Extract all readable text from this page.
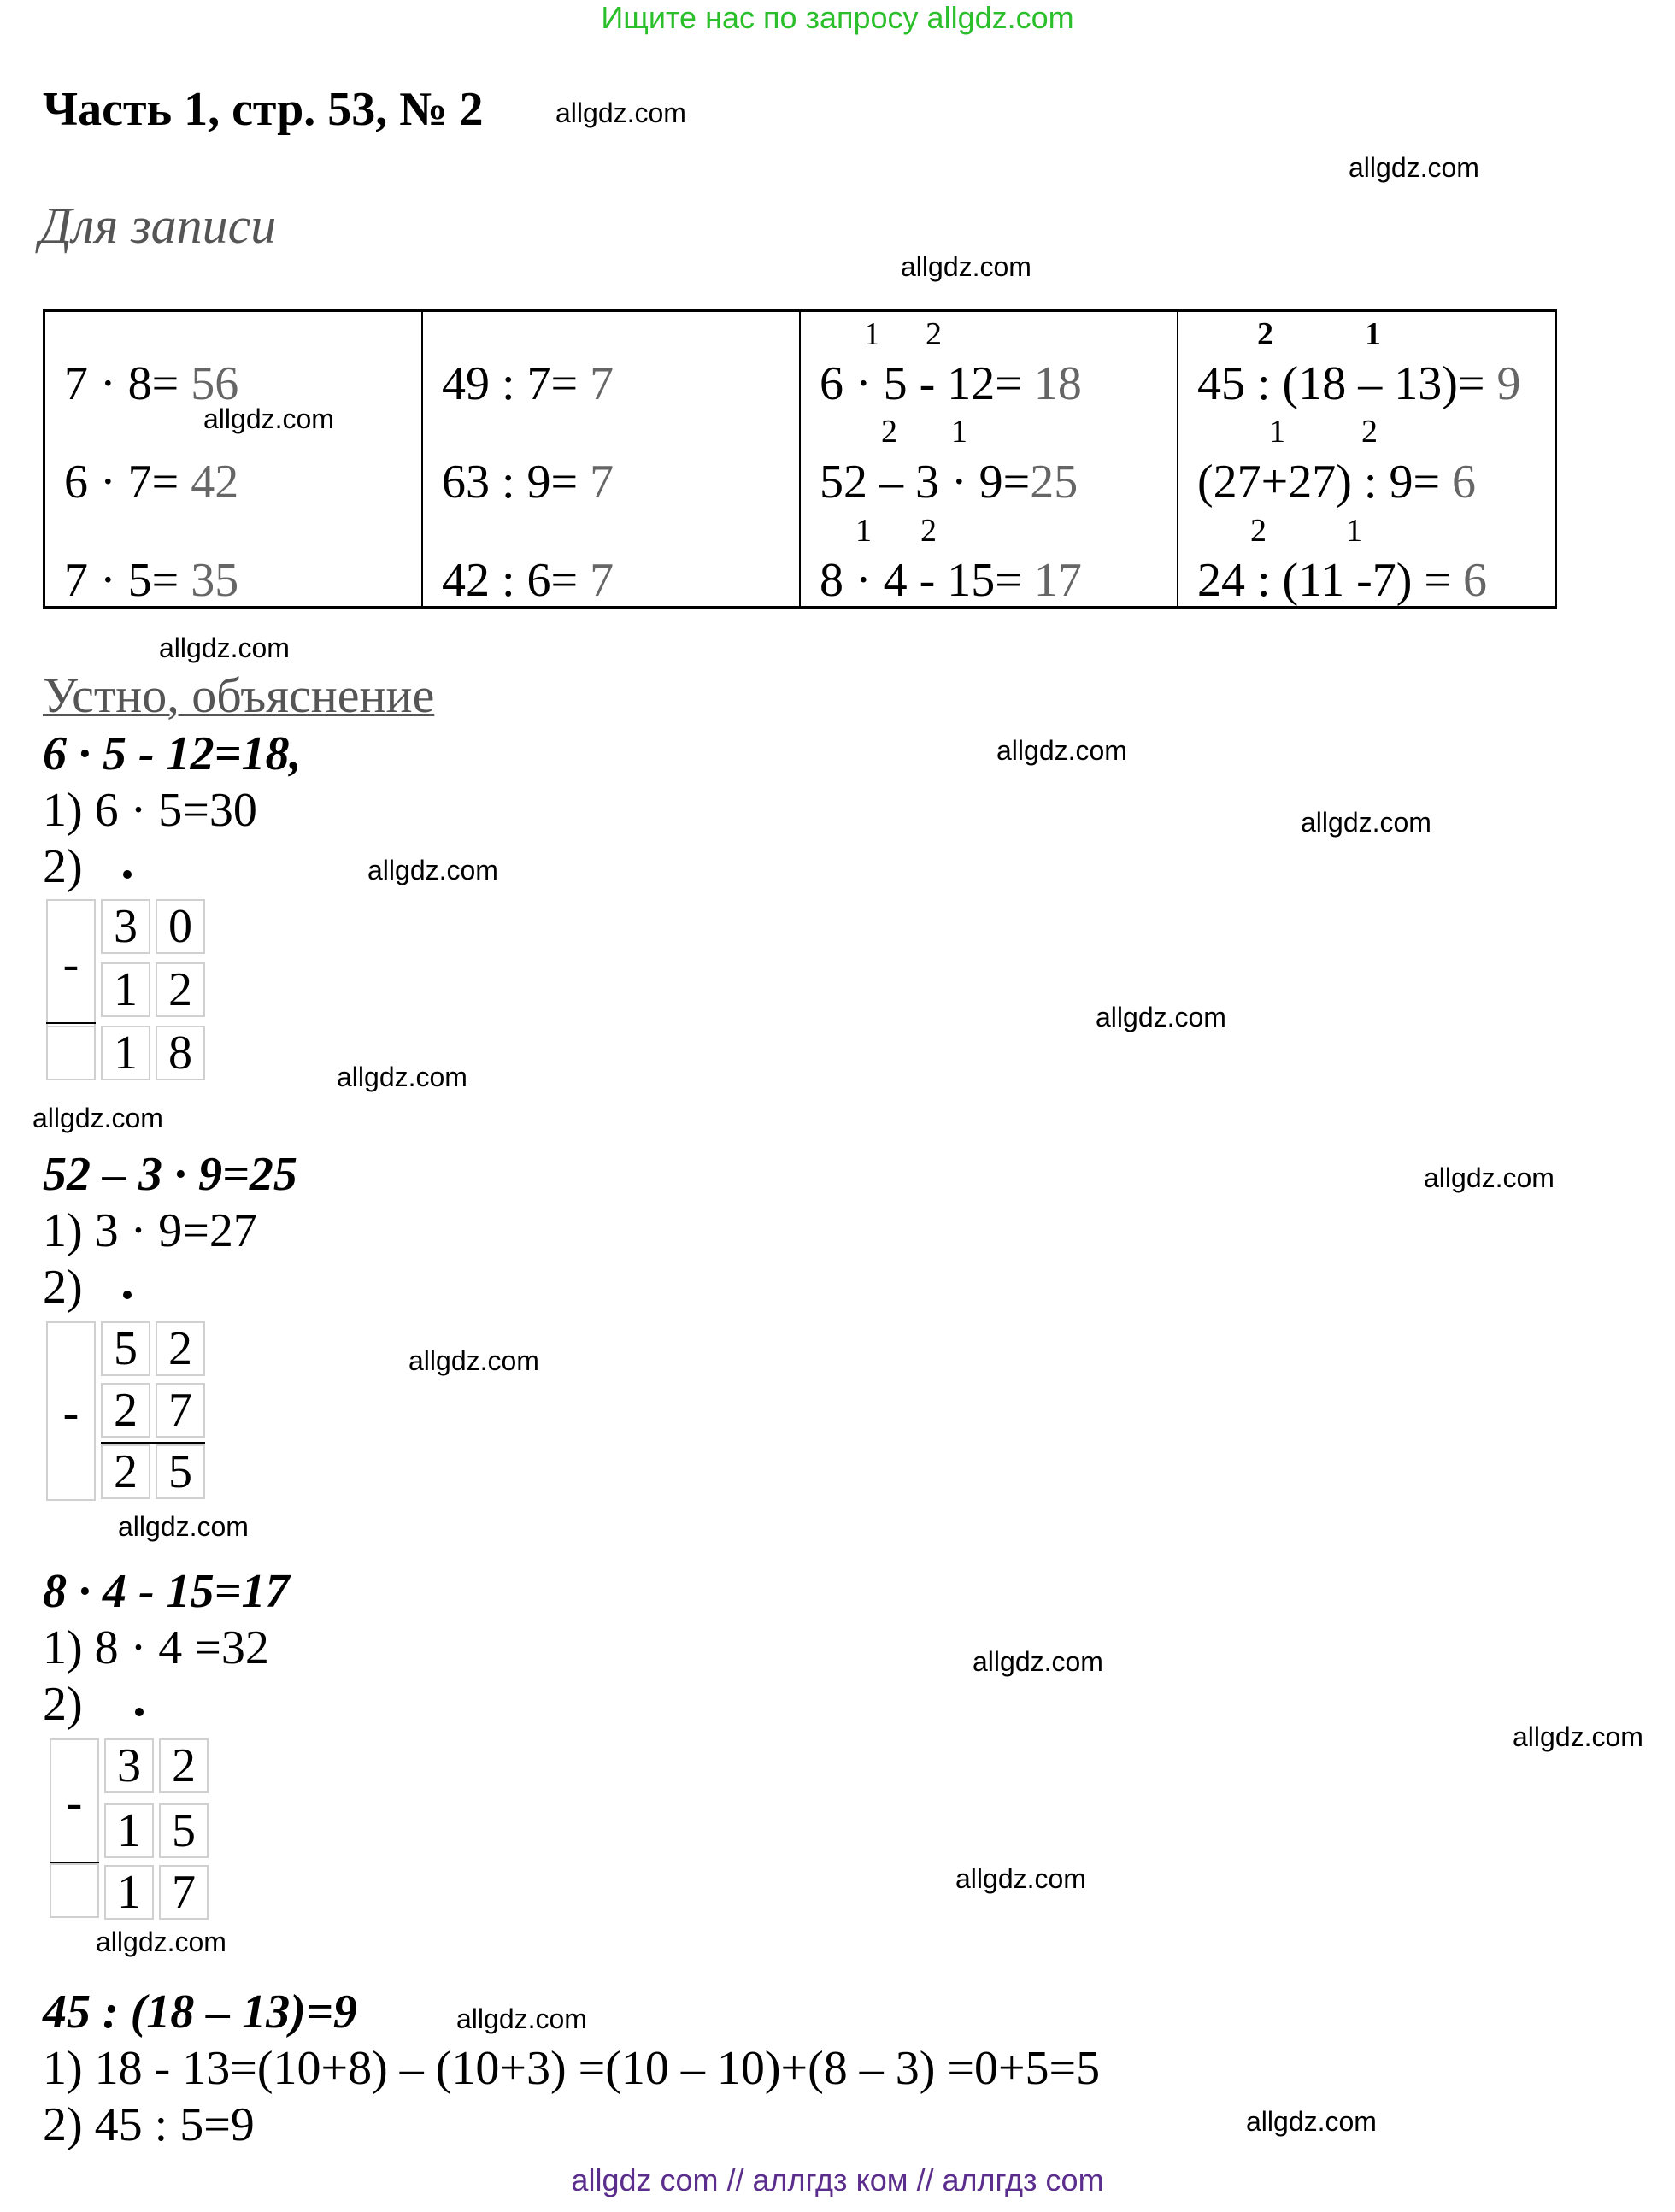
Ищите нас по запросу allgdz.com
Часть 1, стр. 53, № 2
Для записи
allgdz.com
allgdz.com
allgdz.com
allgdz.com
allgdz.com
allgdz.com
allgdz.com
allgdz.com
allgdz.com
allgdz.com
allgdz.com
allgdz.com
allgdz.com
allgdz.com
allgdz.com
allgdz.com
allgdz.com
allgdz.com
allgdz.com
allgdz.com
7 · 8= 56
6 · 7= 42
7 · 5= 35
49 : 7= 7
63 : 9= 7
42 : 6= 7
1 2
6 · 5 - 12= 18
2 1
52 – 3 · 9=25
1 2
8 · 4 - 15= 17
2	1
45 : (18 – 13)= 9
1 2
(27+27) : 9= 6
2 1
24 : (11 -7) = 6
Устно, объяснение
6 · 5 - 12=18,
1) 6 · 5=30
2)
-
3 0
1 2
1 8
52 – 3 · 9=25
1) 3 · 9=27
2)
-
5 2
2 7
2 5
8 · 4 - 15=17
1) 8 · 4 =32
2)
-
3 2
1 5
1 7
45 : (18 – 13)=9
1) 18 - 13=(10+8) – (10+3) =(10 – 10)+(8 – 3) =0+5=5
2) 45 : 5=9
allgdz com // аллгдз ком // аллгдз com
